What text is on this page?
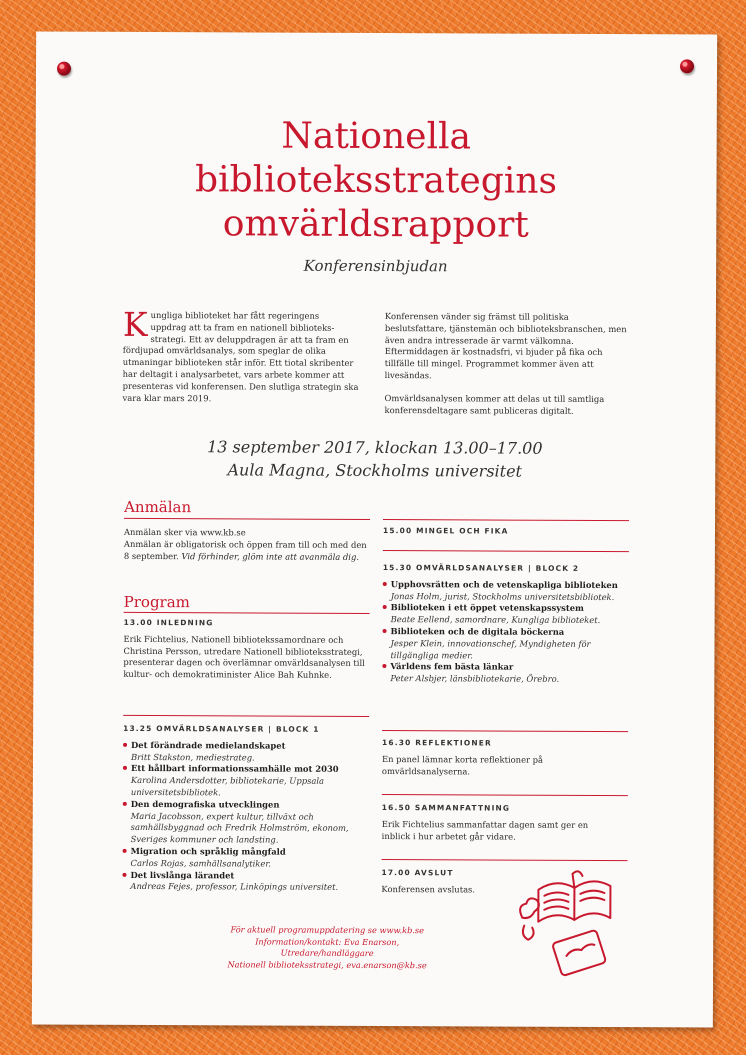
Nationella
biblioteksstrategins
omvärldsrapport
Konferensinbjudan
K ungliga biblioteket har fått regeringens
uppdrag att ta fram en nationell biblioteks-
strategi. Ett av deluppdragen är att ta fram en fördjupad omvärldsanalys, som speglar de olika utmaningar biblioteken står inför. Ett tiotal skribenter har deltagit i analysarbetet, vars arbete kommer att presenteras vid konferensen. Den slutliga strategin ska vara klar mars 2019.

Konferensen vänder sig främst till politiska beslutsfattare, tjänstemän och biblioteksbranschen, men även andra intresserade är varmt välkomna. Eftermiddagen är kostnadsfri, vi bjuder på fika och tillfälle till mingel. Programmet kommer även att livesändas.

Omvärldsanalysen kommer att delas ut till samtliga konferensdeltagare samt publiceras digitalt.

13 september 2017, klockan 13.00–17.00
Aula Magna, Stockholms universitet
Anmälan

Anmälan sker via www.kb.se

Anmälan är obligatorisk och öppen fram till och med den 8 september. Vid förhinder, glöm inte att avanmäla dig.

Program
13.00 INLEDNING

Erik Fichtelius, Nationell bibliotekssamordnare och Christina Persson, utredare Nationell biblioteksstrategi, presenterar dagen och överlämnar omvärldsanalysen till kultur- och demokratiminister Alice Bah Kuhnke.

13.25 OMVÄRLDSANALYSER | BLOCK 1
Det förändrade medielandskapet
Britt Stakston, mediestrateg.
Ett hållbart informationssamhälle mot 2030
Karolina Andersdotter, bibliotekarie, Uppsala universitetsbibliotek.
Den demografiska utvecklingen
Maria Jacobsson, expert kultur, tillväxt och samhällsbyggnad och Fredrik Holmström, ekonom, Sveriges kommuner och landsting.
Migration och språklig mångfald
Carlos Rojas, samhällsanalytiker.
Det livslånga lärandet
Andreas Fejes, professor, Linköpings universitet.
15.00 MINGEL OCH FIKA
15.30 OMVÄRLDSANALYSER | BLOCK 2
Upphovsrätten och de vetenskapliga biblioteken
Jonas Holm, jurist, Stockholms universitetsbibliotek.
Biblioteken i ett öppet vetenskapssystem
Beate Eellend, samordnare, Kungliga biblioteket.
Biblioteken och de digitala böckerna
Jesper Klein, innovationschef, Myndigheten för tillgängliga medier.
Världens fem bästa länkar
Peter Alsbjer, länsbibliotekarie, Örebro.
16.30 REFLEKTIONER

En panel lämnar korta reflektioner på omvärldsanalyserna.

16.50 SAMMANFATTNING

Erik Fichtelius sammanfattar dagen samt ger en inblick i hur arbetet går vidare.

17.00 AVSLUT

Konferensen avslutas.

För aktuell programuppdatering se www.kb.se
Information/kontakt: Eva Enarson, Utredare/handläggare
Nationell biblioteksstrategi, eva.enarson@kb.se
